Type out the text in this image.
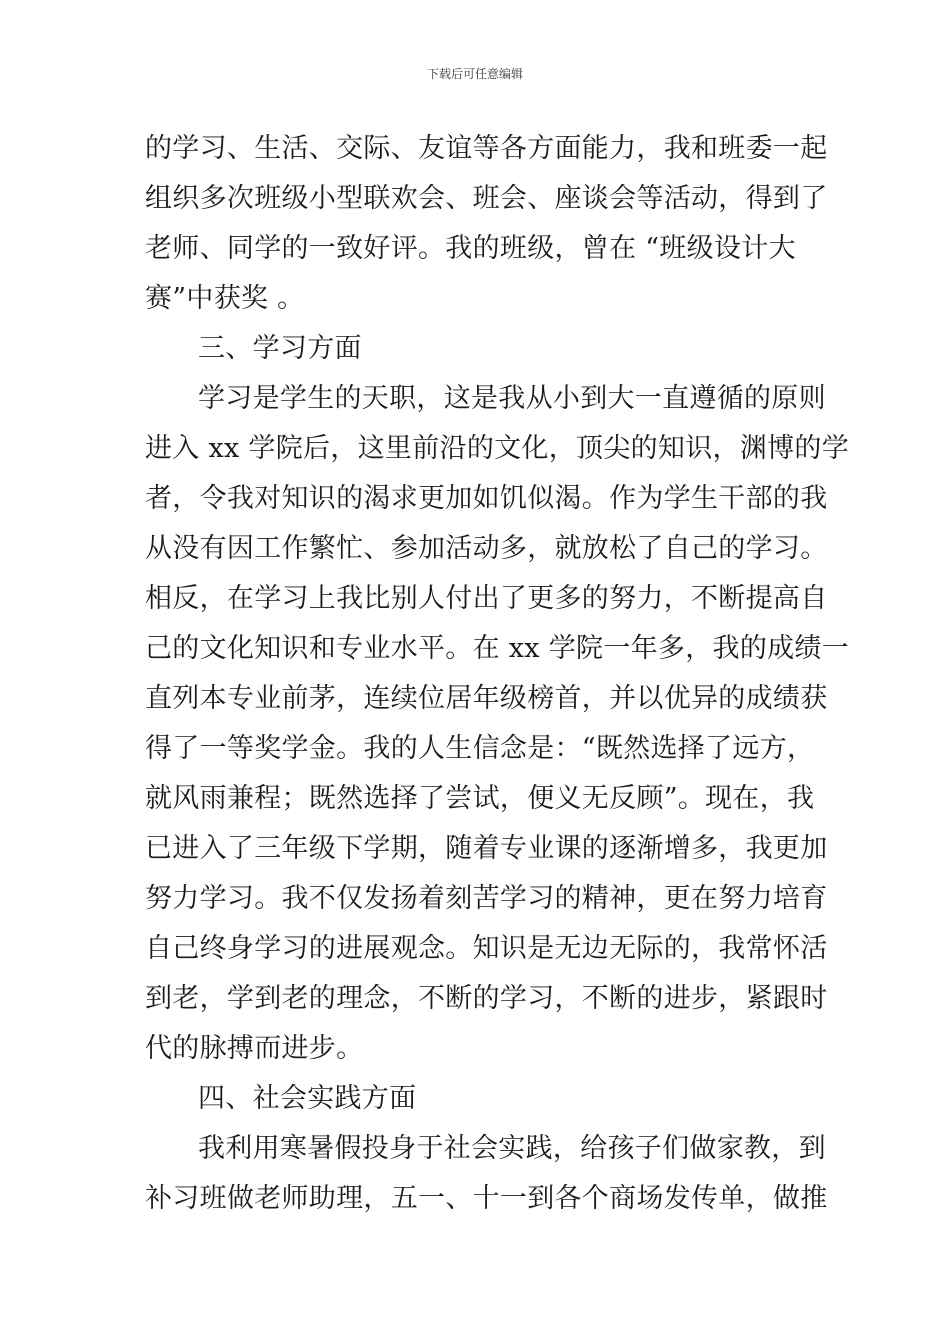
下载后可任意编辑
的学习、生活、交际、友谊等各方面能力，我和班委一起
组织多次班级小型联欢会、班会、座谈会等活动，得到了
老师、同学的一致好评。我的班级，曾在 “班级设计大
赛”中获奖 。
三、学习方面
学习是学生的天职，这是我从小到大一直遵循的原则
进入 xx 学院后，这里前沿的文化，顶尖的知识，渊博的学
者，令我对知识的渴求更加如饥似渴。作为学生干部的我
从没有因工作繁忙、参加活动多，就放松了自己的学习。
相反，在学习上我比别人付出了更多的努力，不断提高自
己的文化知识和专业水平。在 xx 学院一年多，我的成绩一
直列本专业前茅，连续位居年级榜首，并以优异的成绩获
得了一等奖学金。我的人生信念是：“既然选择了远方，
就风雨兼程；既然选择了尝试，便义无反顾”。现在，我
已进入了三年级下学期，随着专业课的逐渐增多，我更加
努力学习。我不仅发扬着刻苦学习的精神，更在努力培育
自己终身学习的进展观念。知识是无边无际的，我常怀活
到老，学到老的理念，不断的学习，不断的进步，紧跟时
代的脉搏而进步。
四、社会实践方面
我利用寒暑假投身于社会实践，给孩子们做家教，到
补习班做老师助理，五一、十一到各个商场发传单，做推
